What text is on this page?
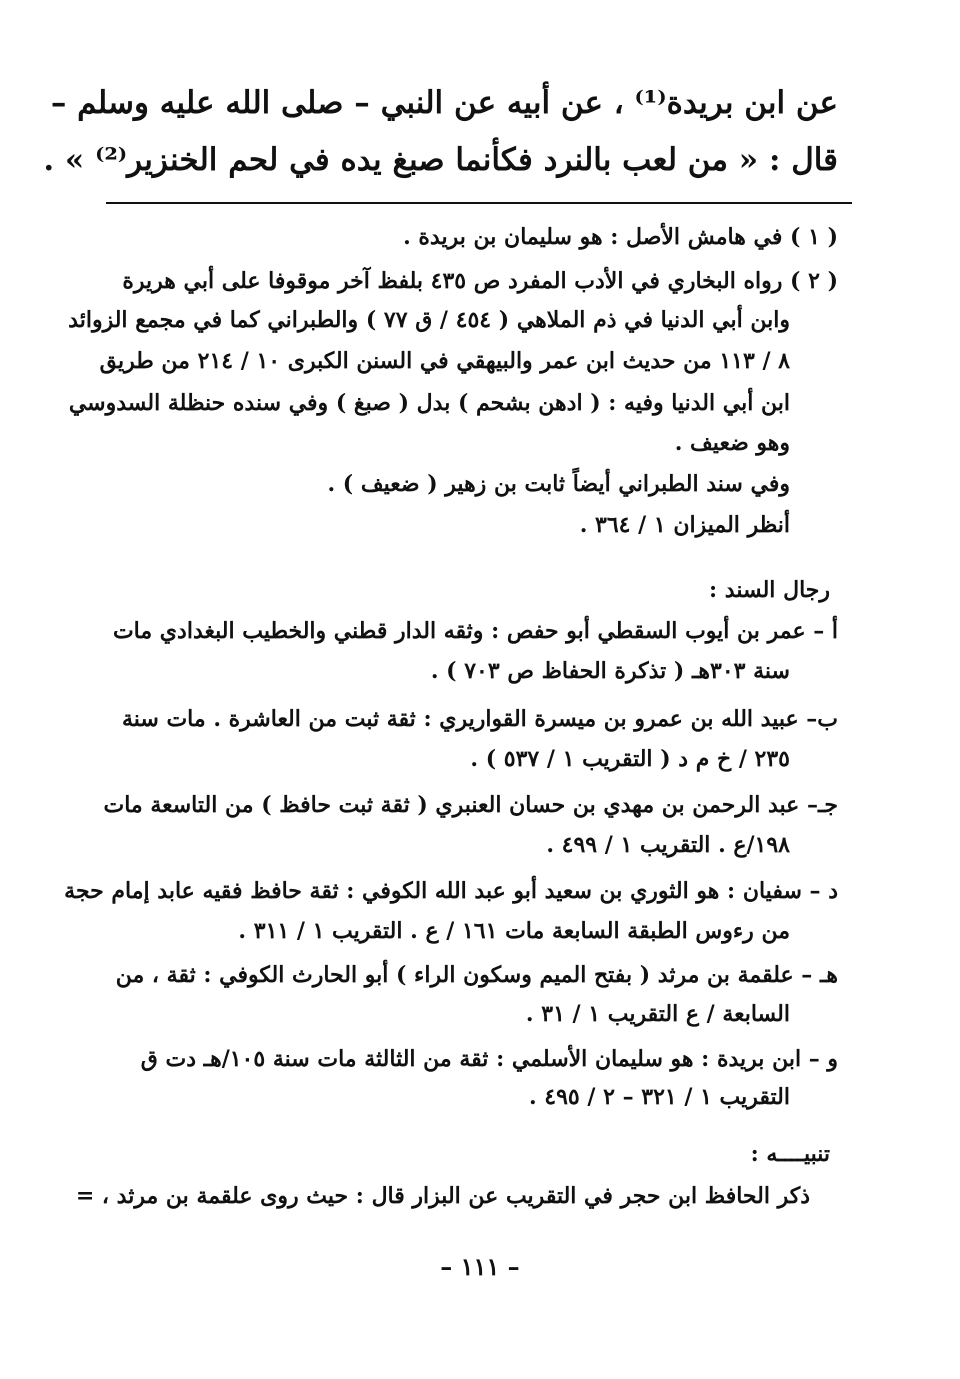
عن ابن بريدة⁽¹⁾ ، عن أبيه عن النبي – صلى الله عليه وسلم –
قال : « من لعب بالنرد فكأنما صبغ يده في لحم الخنزير⁽²⁾ » .
( ١ ) في هامش الأصل : هو سليمان بن بريدة .
( ٢ ) رواه البخاري في الأدب المفرد ص ٤٣٥ بلفظ آخر موقوفا على أبي هريرة
وابن أبي الدنيا في ذم الملاهي ( ٤٥٤ / ق ٧٧ ) والطبراني كما في مجمع الزوائد
٨ / ١١٣ من حديث ابن عمر والبيهقي في السنن الكبرى ١٠ / ٢١٤ من طريق
ابن أبي الدنيا وفيه : ( ادهن بشحم ) بدل ( صبغ ) وفي سنده حنظلة السدوسي
وهو ضعيف .
وفي سند الطبراني أيضاً ثابت بن زهير ( ضعيف ) .
أنظر الميزان ١ / ٣٦٤ .
رجال السند :
أ – عمر بن أيوب السقطي أبو حفص : وثقه الدار قطني والخطيب البغدادي مات
سنة ٣٠٣هـ ( تذكرة الحفاظ ص ٧٠٣ ) .
ب– عبيد الله بن عمرو بن ميسرة القواريري : ثقة ثبت من العاشرة . مات سنة
٢٣٥ / خ م د ( التقريب ١ / ٥٣٧ ) .
جـ– عبد الرحمن بن مهدي بن حسان العنبري ( ثقة ثبت حافظ ) من التاسعة مات
١٩٨/ع . التقريب ١ / ٤٩٩ .
د – سفيان : هو الثوري بن سعيد أبو عبد الله الكوفي : ثقة حافظ فقيه عابد إمام حجة
من رءوس الطبقة السابعة مات ١٦١ / ع . التقريب ١ / ٣١١ .
هـ – علقمة بن مرثد ( بفتح الميم وسكون الراء ) أبو الحارث الكوفي : ثقة ، من
السابعة / ع التقريب ١ / ٣١ .
و – ابن بريدة : هو سليمان الأسلمي : ثقة من الثالثة مات سنة ١٠٥/هـ دت ق
التقريب ١ / ٣٢١ – ٢ / ٤٩٥ .
تنبيــــه :
ذكر الحافظ ابن حجر في التقريب عن البزار قال : حيث روى علقمة بن مرثد ، =
– ١١١ –
